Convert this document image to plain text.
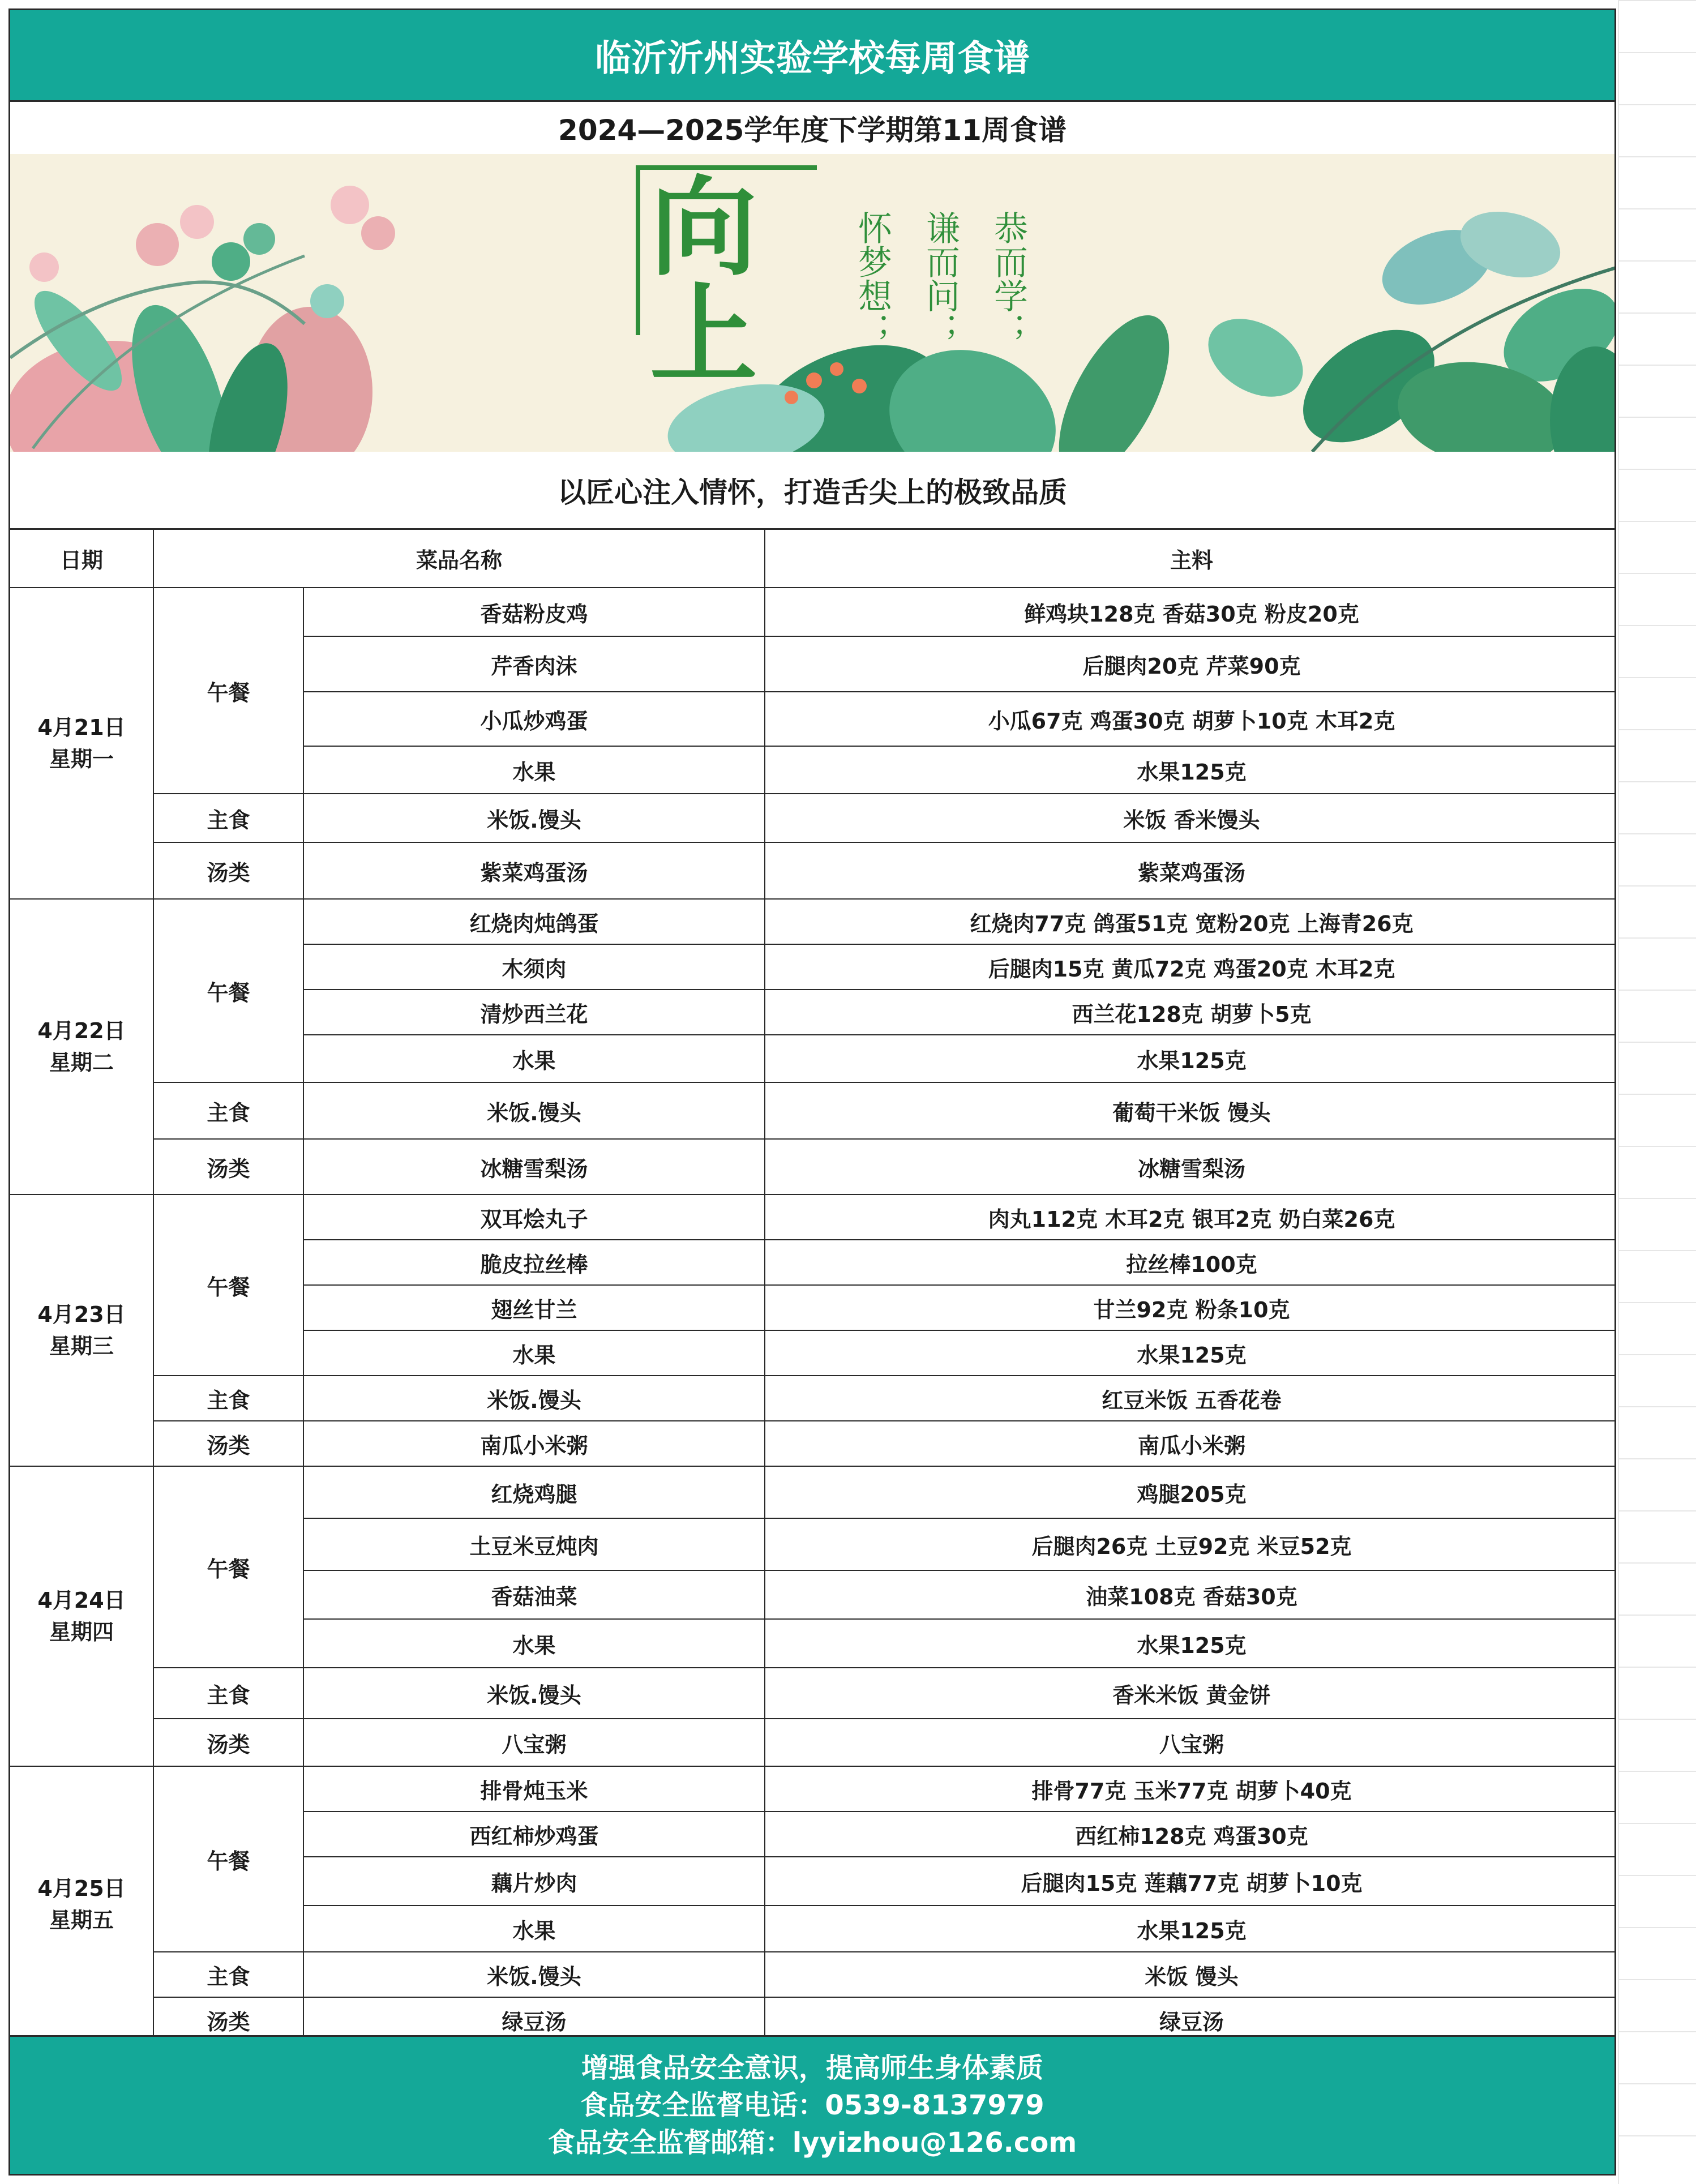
临沂沂州实验学校每周食谱
2024—2025学年度下学期第11周食谱
向
上	恭而学；
谦而问；
怀梦想；
以匠心注入情怀，打造舌尖上的极致品质
日期	菜品名称		主料

4月21日
星期一	午餐	香菇粉皮鸡	鲜鸡块128克 香菇30克 粉皮20克
		芹香肉沫	后腿肉20克 芹菜90克
		小瓜炒鸡蛋	小瓜67克 鸡蛋30克 胡萝卜10克 木耳2克
		水果	水果125克
	主食	米饭.馒头	米饭 香米馒头
	汤类	紫菜鸡蛋汤	紫菜鸡蛋汤

4月22日
星期二	午餐	红烧肉炖鸽蛋	红烧肉77克 鸽蛋51克 宽粉20克 上海青26克
		木须肉	后腿肉15克 黄瓜72克 鸡蛋20克 木耳2克
		清炒西兰花	西兰花128克 胡萝卜5克
		水果	水果125克
	主食	米饭.馒头	葡萄干米饭 馒头
	汤类	冰糖雪梨汤	冰糖雪梨汤

4月23日
星期三	午餐	双耳烩丸子	肉丸112克 木耳2克 银耳2克 奶白菜26克
		脆皮拉丝棒	拉丝棒100克
		翅丝甘兰	甘兰92克 粉条10克
		水果	水果125克
	主食	米饭.馒头	红豆米饭 五香花卷
	汤类	南瓜小米粥	南瓜小米粥

4月24日
星期四	午餐	红烧鸡腿	鸡腿205克
		土豆米豆炖肉	后腿肉26克 土豆92克 米豆52克
		香菇油菜	油菜108克 香菇30克
		水果	水果125克
	主食	米饭.馒头	香米米饭 黄金饼
	汤类	八宝粥	八宝粥

4月25日
星期五	午餐	排骨炖玉米	排骨77克 玉米77克 胡萝卜40克
		西红柿炒鸡蛋	西红柿128克 鸡蛋30克
		藕片炒肉	后腿肉15克 莲藕77克 胡萝卜10克
		水果	水果125克
	主食	米饭.馒头	米饭 馒头
	汤类	绿豆汤	绿豆汤
增强食品安全意识，提高师生身体素质
食品安全监督电话：0539-8137979
食品安全监督邮箱：lyyizhou@126.com
